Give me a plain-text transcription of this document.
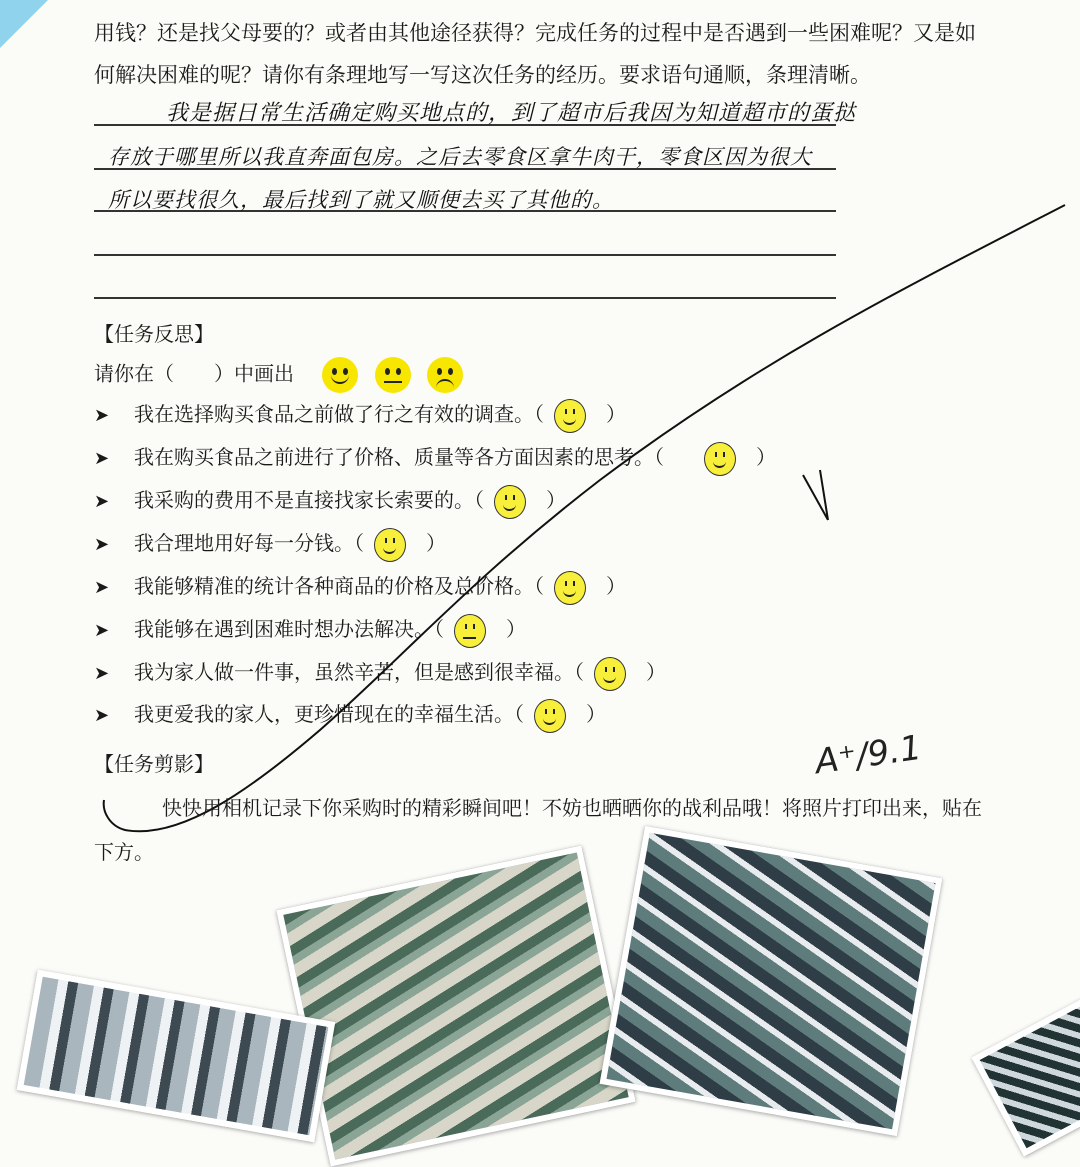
用钱？还是找父母要的？或者由其他途径获得？完成任务的过程中是否遇到一些困难呢？又是如何解决困难的呢？请你有条理地写一写这次任务的经历。要求语句通顺，条理清晰。
我是据日常生活确定购买地点的，到了超市后我因为知道超市的蛋挞
存放于哪里所以我直奔面包房。之后去零食区拿牛肉干，零食区因为很大
所以要找很久，最后找到了就又顺便去买了其他的。
【任务反思】
请你在（　　）中画出

➤ 我在选择购买食品之前做了行之有效的调查。（	）
➤ 我在购买食品之前进行了价格、质量等各方面因素的思考。（	）
➤ 我采购的费用不是直接找家长索要的。（	）
➤ 我合理地用好每一分钱。（	）
➤ 我能够精准的统计各种商品的价格及总价格。（	）
➤ 我能够在遇到困难时想办法解决。（	）
➤ 我为家人做一件事，虽然辛苦，但是感到很幸福。（	）
➤ 我更爱我的家人，更珍惜现在的幸福生活。（	）
A⁺/9.1
【任务剪影】
快快用相机记录下你采购时的精彩瞬间吧！不妨也晒晒你的战利品哦！将照片打印出来，贴在下方。
